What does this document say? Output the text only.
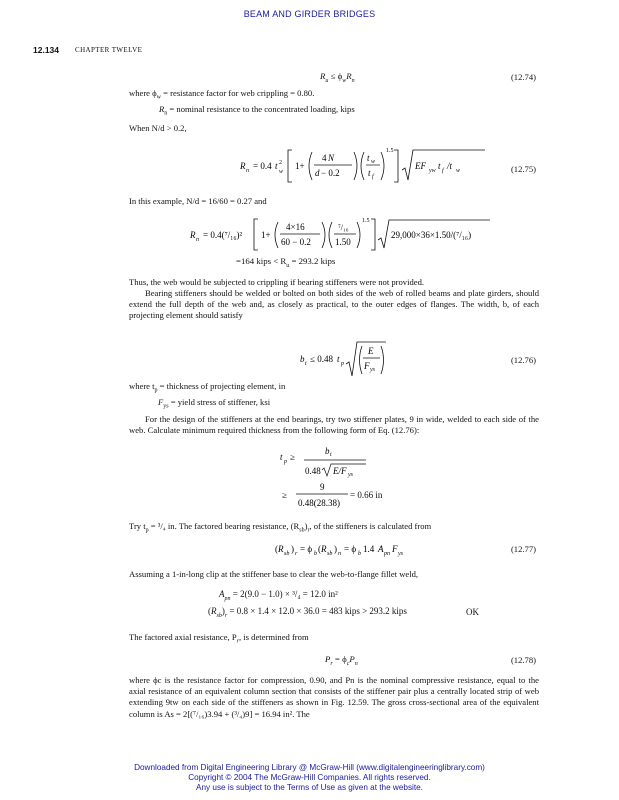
BEAM AND GIRDER BRIDGES
12.134 CHAPTER TWELVE
$R_u \le \phi_wR_n$	(12.74)
where $\phi_w$ = resistance factor for web crippling = 0.80.
$R_n$ = nominal resistance to the concentrated loading, kips
When N/d > 0.2,
R n = 0.4 t 2
w
1+
4 N
d − 0.2
t w
t f
1.5
EF yw t f /t w	(12.75)
In this example, N/d = 16/60 = 0.27 and
R n = 0.4(⁷/₁₆)² 1+
4×16
60 − 0.2
⁷/₁₆
1.50
1.5
29,000×36×1.50/(⁷/₁₆)
=164 kips < $R_u = 293.2$ kips
Thus, the web would be subjected to crippling if bearing stiffeners were not provided.
Bearing stiffeners should be welded or bolted on both sides of the web of rolled beams and plate girders, should extend the full depth of the web and, as closely as practical, to the outer edges of flanges. The width, b, of each projecting element should satisfy
b t ≤ 0.48 t p
E
F ys
(12.76)
where $t_p$ = thickness of projecting element, in
$F_{ys}$ = yield stress of stiffener, ksi
For the design of the stiffeners at the end bearings, try two stiffener plates, 9 in wide, welded to each side of the web. Calculate minimum required thickness from the following form of Eq. (12.76):
t p ≥
b t
0.48 E/F ys
≥
9
0.48(28.38)
= 0.66 in
Try $t_p = ^3/_4$ in. The factored bearing resistance, $(R_{sb})_r$, of the stiffeners is calculated from
( R sb ) r = ϕ b ( R sb ) n = ϕ b 1.4 A pn F ys	(12.77)
Assuming a 1-in-long clip at the stiffener base to clear the web-to-flange fillet weld,
$A_{pn} = 2(9.0 - 1.0) \times ^3/_4 = 12.0$ in²
$(R_{sb})_r = 0.8 \times 1.4 \times 12.0 \times 36.0 = 483$ kips > 293.2 kips	OK
The factored axial resistance, $P_r$, is determined from
$P_r = \phi_cP_n$	(12.78)
where ϕc is the resistance factor for compression, 0.90, and Pn is the nominal compressive resistance, equal to the axial resistance of an equivalent column section that consists of the stiffener pair plus a centrally located strip of web extending 9tw on each side of the stiffeners as shown in Fig. 12.59. The gross cross-sectional area of the equivalent column is As = 2[(⁷/₁₆)3.94 + (³/₄)9] = 16.94 in². The
Downloaded from Digital Engineering Library @ McGraw-Hill (www.digitalengineeringlibrary.com)
Copyright © 2004 The McGraw-Hill Companies. All rights reserved.
Any use is subject to the Terms of Use as given at the website.
